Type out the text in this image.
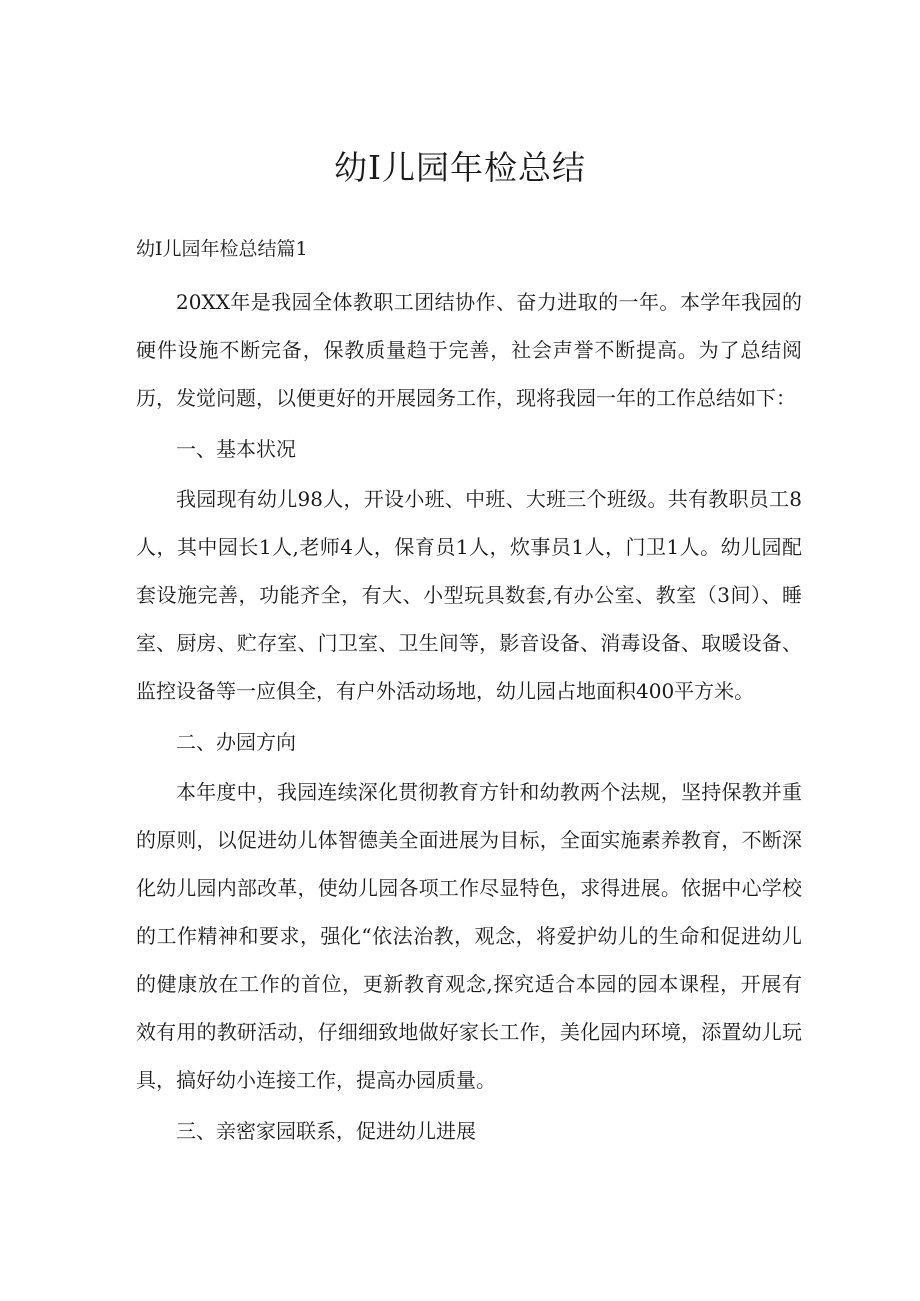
幼I儿园年检总结
幼I儿园年检总结篇1

20XX年是我园全体教职工团结协作、奋力进取的一年。本学年我园的硬件设施不断完备，保教质量趋于完善，社会声誉不断提高。为了总结阅历，发觉问题，以便更好的开展园务工作，现将我园一年的工作总结如下：

一、基本状况

我园现有幼儿98人，开设小班、中班、大班三个班级。共有教职员工8人，其中园长1人,老师4人，保育员1人，炊事员1人，门卫1人。幼儿园配套设施完善，功能齐全，有大、小型玩具数套,有办公室、教室（3间）、睡室、厨房、贮存室、门卫室、卫生间等，影音设备、消毒设备、取暖设备、监控设备等一应俱全，有户外活动场地，幼儿园占地面积400平方米。

二、办园方向

本年度中，我园连续深化贯彻教育方针和幼教两个法规，坚持保教并重的原则，以促进幼儿体智德美全面进展为目标，全面实施素养教育，不断深化幼儿园内部改革，使幼儿园各项工作尽显特色，求得进展。依据中心学校的工作精神和要求，强化“依法治教，观念，将爱护幼儿的生命和促进幼儿的健康放在工作的首位，更新教育观念,探究适合本园的园本课程，开展有效有用的教研活动，仔细细致地做好家长工作，美化园内环境，添置幼儿玩具，搞好幼小连接工作，提高办园质量。

三、亲密家园联系，促进幼儿进展
